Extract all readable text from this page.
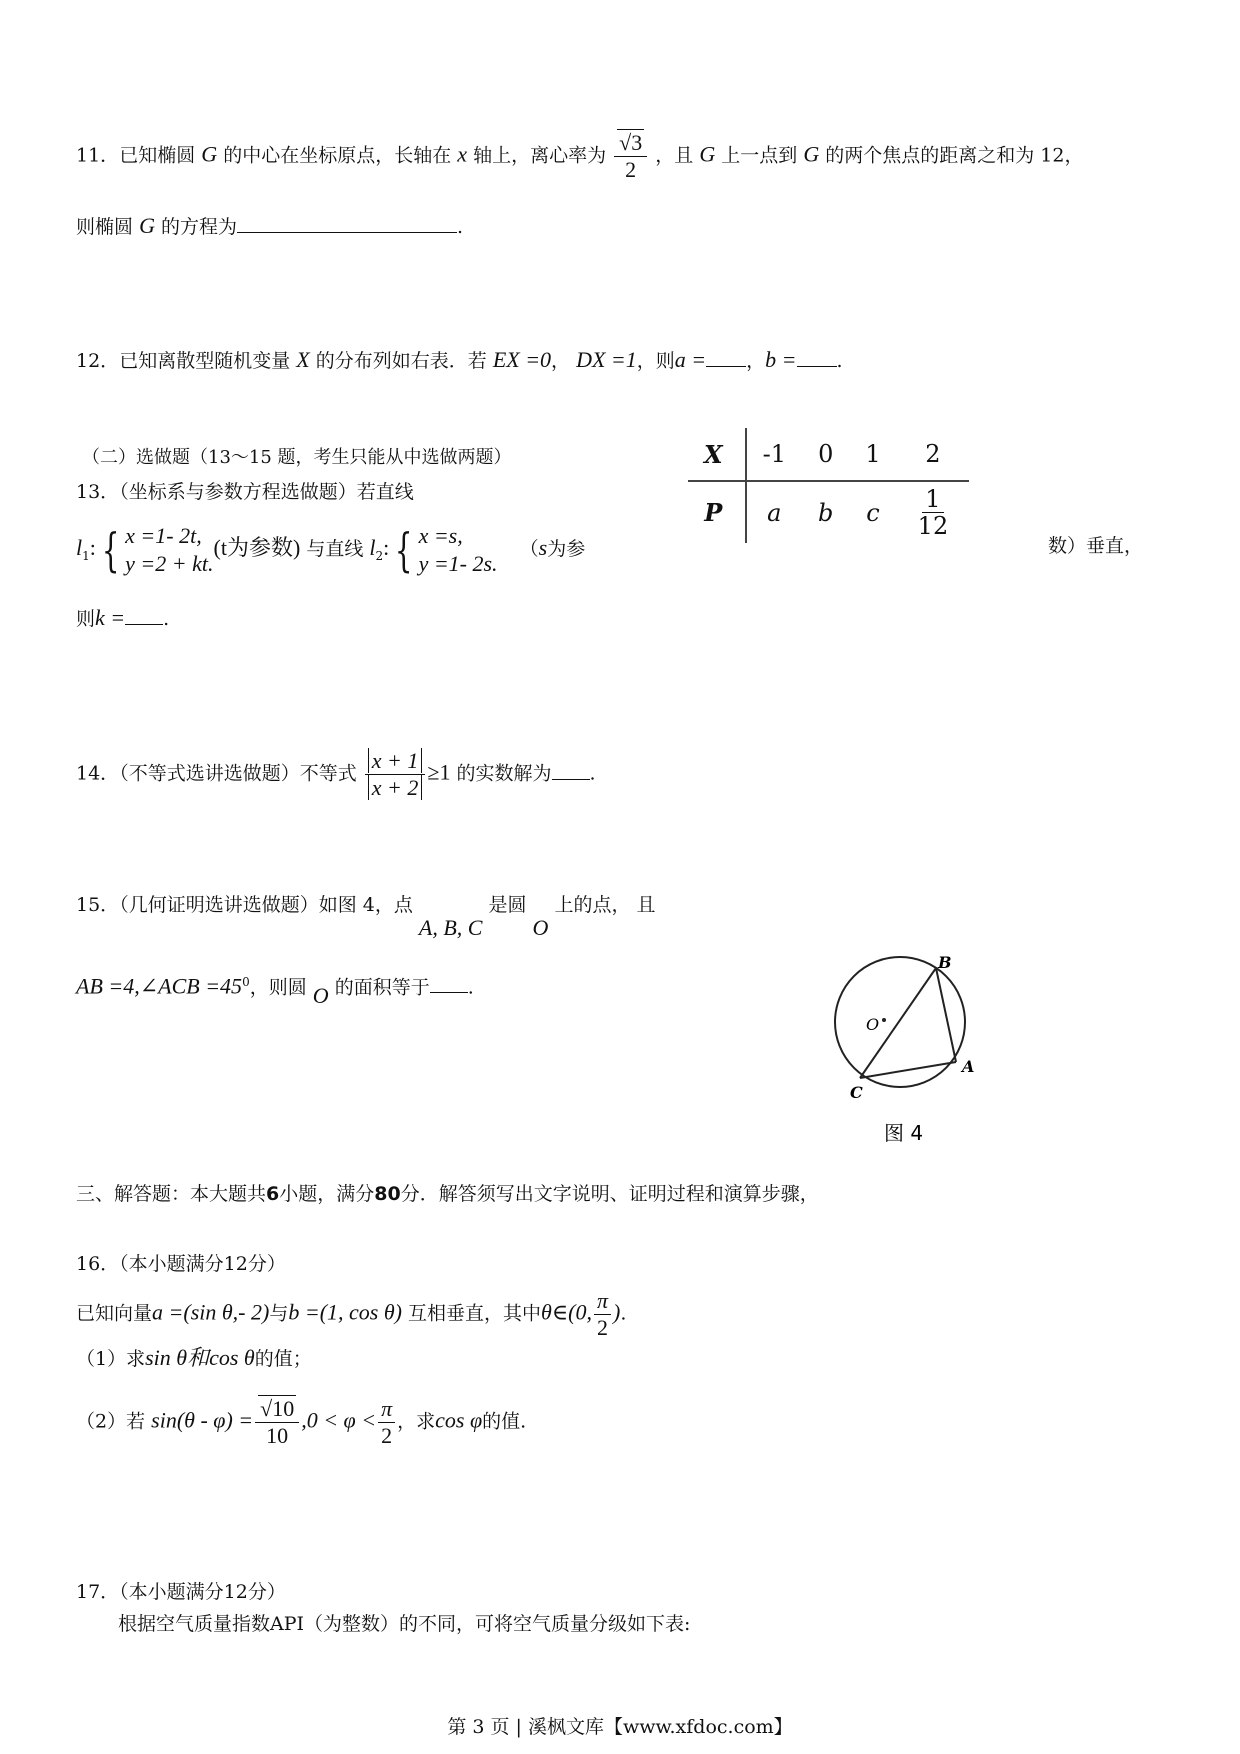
11．已知椭圆 G 的中心在坐标原点，长轴在 x 轴上，离心率为 $\frac{√3}{2}$ ，且 G 上一点到 G 的两个焦点的距离之和为 12，
则椭圆 G 的方程为	.
12．已知离散型随机变量 X 的分布列如右表．若 EX =0， DX =1，则a = ，b = .
X	-1	0	1	2
P	a	b	c	$\frac{1}{12}$
（二）选做题（13～15 题，考生只能从中选做两题）
13．（坐标系与参数方程选做题）若直线
$l_1$: { x =1- 2t,
y =2 + kt.
(t为参数) 与直线 $l_2$: { x =s,
y =1- 2s.
（s为参	数）垂直，
则k = .
14．（不等式选讲选做题）不等式 $\frac{x + 1}{x + 2} \ge 1$ 的实数解为 .
15．（几何证明选讲选做题）如图 4，点 A, B, C 是圆 O 上的点， 且
AB =4,∠ACB $=45^0$，则圆 O 的面积等于 .
B
A
C
O
图 4
三、解答题：本大题共6小题，满分80分．解答须写出文字说明、证明过程和演算步骤，
16．（本小题满分12分）
已知向量a =(sin θ,- 2)与b =(1, cos θ) 互相垂直，其中θ∈(0, $\frac{\pi}{2}$ ).
（1）求sin θ和cos θ的值；
（2）若 $\sin(\theta - \varphi) = \frac{√10}{10} ,0 < \varphi < \frac{\pi}{2}$ ，求cos φ的值.
17．（本小题满分12分）
根据空气质量指数API（为整数）的不同，可将空气质量分级如下表:
第 3 页 | 溪枫文库【www.xfdoc.com】
